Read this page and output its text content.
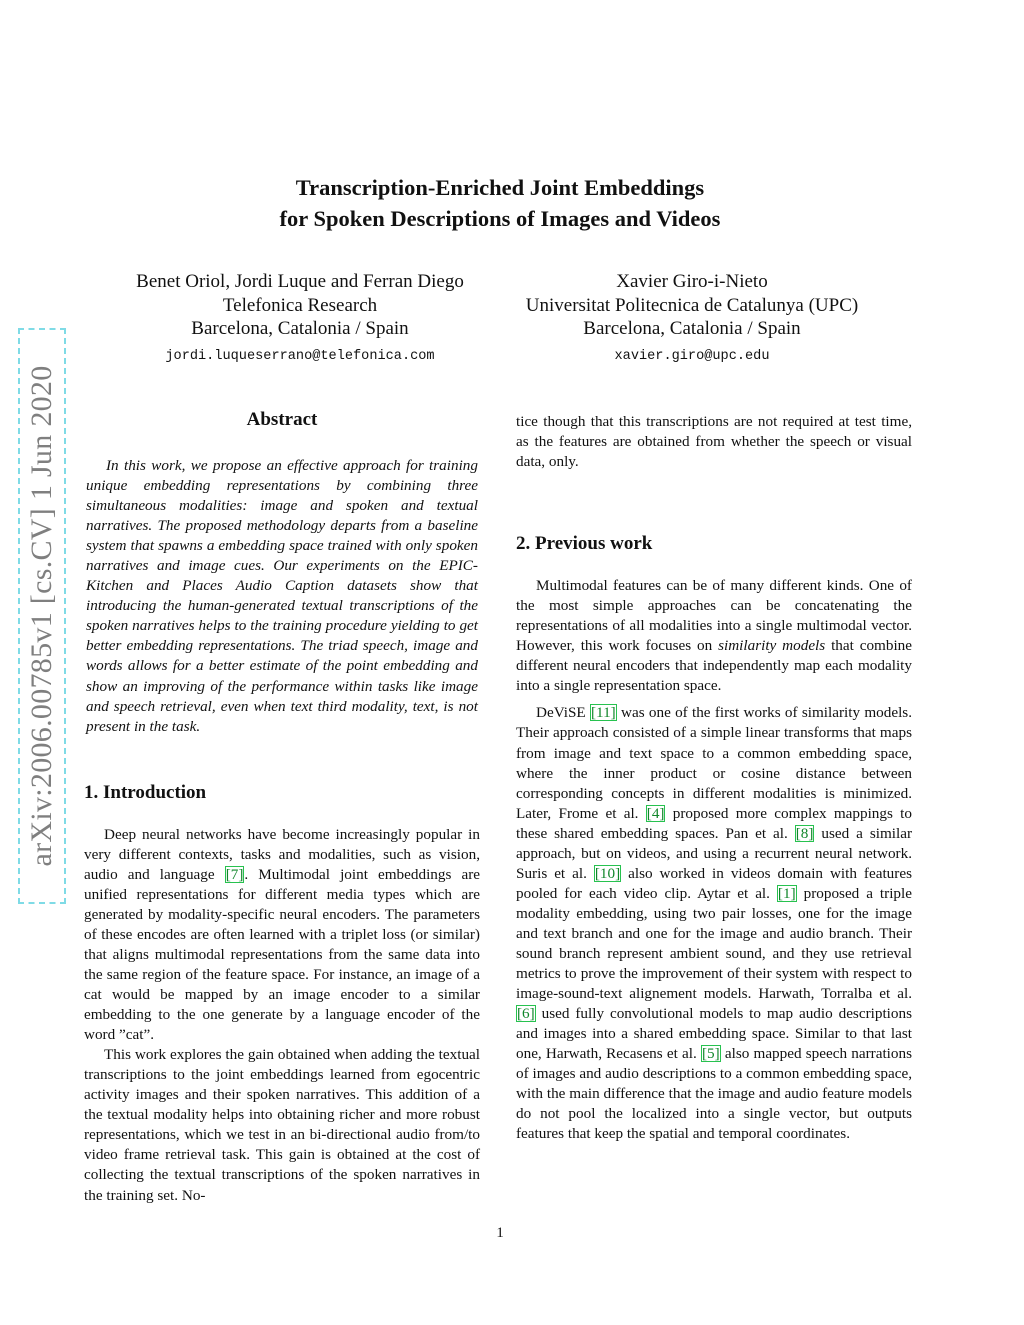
arXiv:2006.00785v1 [cs.CV] 1 Jun 2020
Transcription-Enriched Joint Embeddings
for Spoken Descriptions of Images and Videos
Benet Oriol, Jordi Luque and Ferran Diego
Telefonica Research
Barcelona, Catalonia / Spain
jordi.luqueserrano@telefonica.com
Xavier Giro-i-Nieto
Universitat Politecnica de Catalunya (UPC)
Barcelona, Catalonia / Spain
xavier.giro@upc.edu
Abstract

In this work, we propose an effective approach for training unique embedding representations by combining three simultaneous modalities: image and spoken and textual narratives. The proposed methodology departs from a baseline system that spawns a embedding space trained with only spoken narratives and image cues. Our experiments on the EPIC-Kitchen and Places Audio Caption datasets show that introducing the human-generated textual transcriptions of the spoken narratives helps to the training procedure yielding to get better embedding representations. The triad speech, image and words allows for a better estimate of the point embedding and show an improving of the performance within tasks like image and speech retrieval, even when text third modality, text, is not present in the task.

1. Introduction

Deep neural networks have become increasingly popular in very different contexts, tasks and modalities, such as vision, audio and language [7]. Multimodal joint embeddings are unified representations for different media types which are generated by modality-specific neural encoders. The parameters of these encodes are often learned with a triplet loss (or similar) that aligns multimodal representations from the same data into the same region of the feature space. For instance, an image of a cat would be mapped by an image encoder to a similar embedding to the one generate by a language encoder of the word ”cat”.

This work explores the gain obtained when adding the textual transcriptions to the joint embeddings learned from egocentric activity images and their spoken narratives. This addition of a the textual modality helps into obtaining richer and more robust representations, which we test in an bi-directional audio from/to video frame retrieval task. This gain is obtained at the cost of collecting the textual transcriptions of the spoken narratives in the training set. No-

tice though that this transcriptions are not required at test time, as the features are obtained from whether the speech or visual data, only.

2. Previous work

Multimodal features can be of many different kinds. One of the most simple approaches can be concatenating the representations of all modalities into a single multimodal vector. However, this work focuses on similarity models that combine different neural encoders that independently map each modality into a single representation space.

DeViSE [11] was one of the first works of similarity models. Their approach consisted of a simple linear transforms that maps from image and text space to a common embedding space, where the inner product or cosine distance between corresponding concepts in different modalities is minimized. Later, Frome et al. [4] proposed more complex mappings to these shared embedding spaces. Pan et al. [8] used a similar approach, but on videos, and using a recurrent neural network. Suris et al. [10] also worked in videos domain with features pooled for each video clip. Aytar et al. [1] proposed a triple modality embedding, using two pair losses, one for the image and text branch and one for the image and audio branch. Their sound branch represent ambient sound, and they use retrieval metrics to prove the improvement of their system with respect to image-sound-text alignement models. Harwath, Torralba et al. [6] used fully convolutional models to map audio descriptions and images into a shared embedding space. Similar to that last one, Harwath, Recasens et al. [5] also mapped speech narrations of images and audio descriptions to a common embedding space, with the main difference that the image and audio feature models do not pool the localized into a single vector, but outputs features that keep the spatial and temporal coordinates.

1
